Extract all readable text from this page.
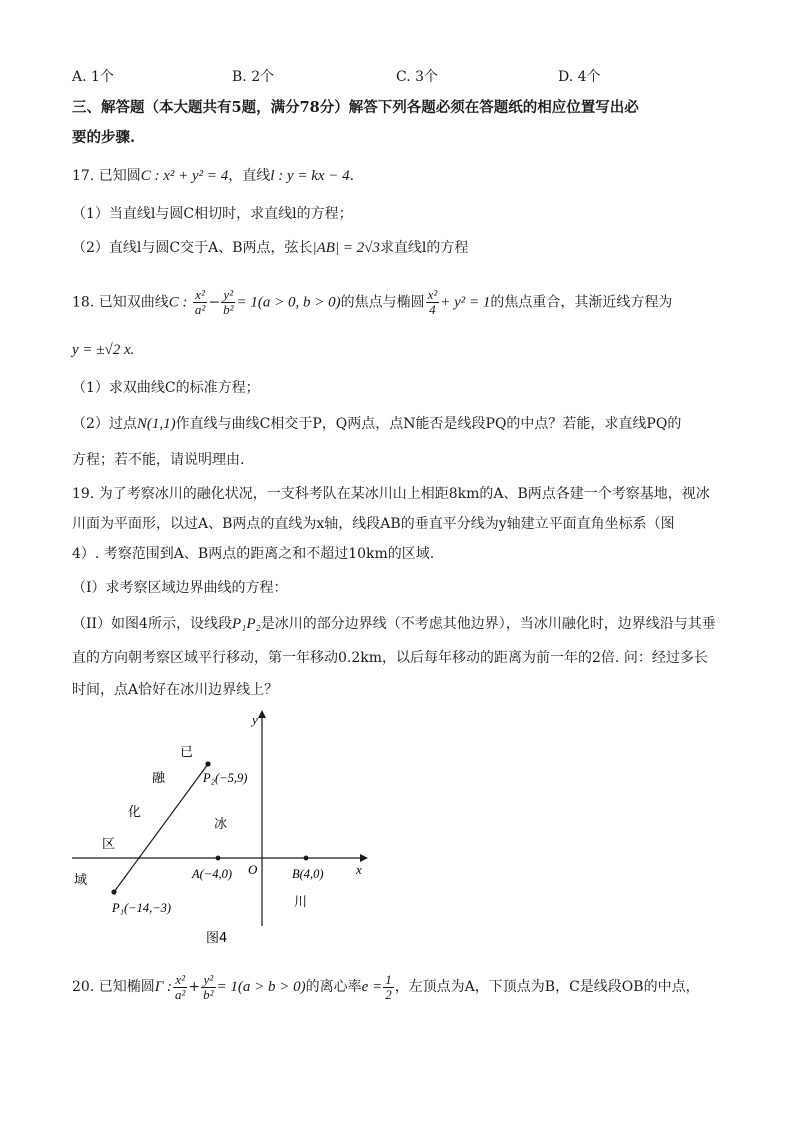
A. 1个	B. 2个	C. 3个	D. 4个
三、解答题（本大题共有5题，满分78分）解答下列各题必须在答题纸的相应位置写出必
要的步骤.
17. 已知圆C : x² + y² = 4，直线l : y = kx − 4.
（1）当直线l与圆C相切时，求直线l的方程；
（2）直线l与圆C交于A、B两点，弦长|AB| = 2√3求直线l的方程
18. 已知双曲线C : $\frac{\text{x²}}{\text{a²}} - \frac{\text{y²}}{\text{b²}} = 1(a > 0$, b > 0)的焦点与椭圆 $\frac{\text{x²}}{4} + y^2 = 1$的焦点重合，其渐近线方程为
y = ±√2 x.
（1）求双曲线C的标准方程；
（2）过点N(1,1)作直线与曲线C相交于P，Q两点，点N能否是线段PQ的中点？若能，求直线PQ的
方程；若不能，请说明理由.
19. 为了考察冰川的融化状况，一支科考队在某冰川山上相距8km的A、B两点各建一个考察基地，视冰
川面为平面形，以过A、B两点的直线为x轴，线段AB的垂直平分线为y轴建立平面直角坐标系（图
4）. 考察范围到A、B两点的距离之和不超过10km的区域.
（I）求考察区域边界曲线的方程：
（II）如图4所示，设线段P₁P₂是冰川的部分边界线（不考虑其他边界），当冰川融化时，边界线沿与其垂
直的方向朝考察区域平行移动，第一年移动0.2km，以后每年移动的距离为前一年的2倍. 问：经过多长
时间，点A恰好在冰川边界线上？
y
x
O
P₂(−5,9)
P₁(−14,−3)
A(−4,0)	B(4,0)
已
融
化
区
域
冰
川
图4
20. 已知椭圆Γ : $\frac{\text{x²}}{\text{a²}} + \frac{\text{y²}}{\text{b²}} = 1(a > b > 0)$的离心率$e = \frac{1}{2}$ ，左顶点为A，下顶点为B，C是线段OB的中点，
